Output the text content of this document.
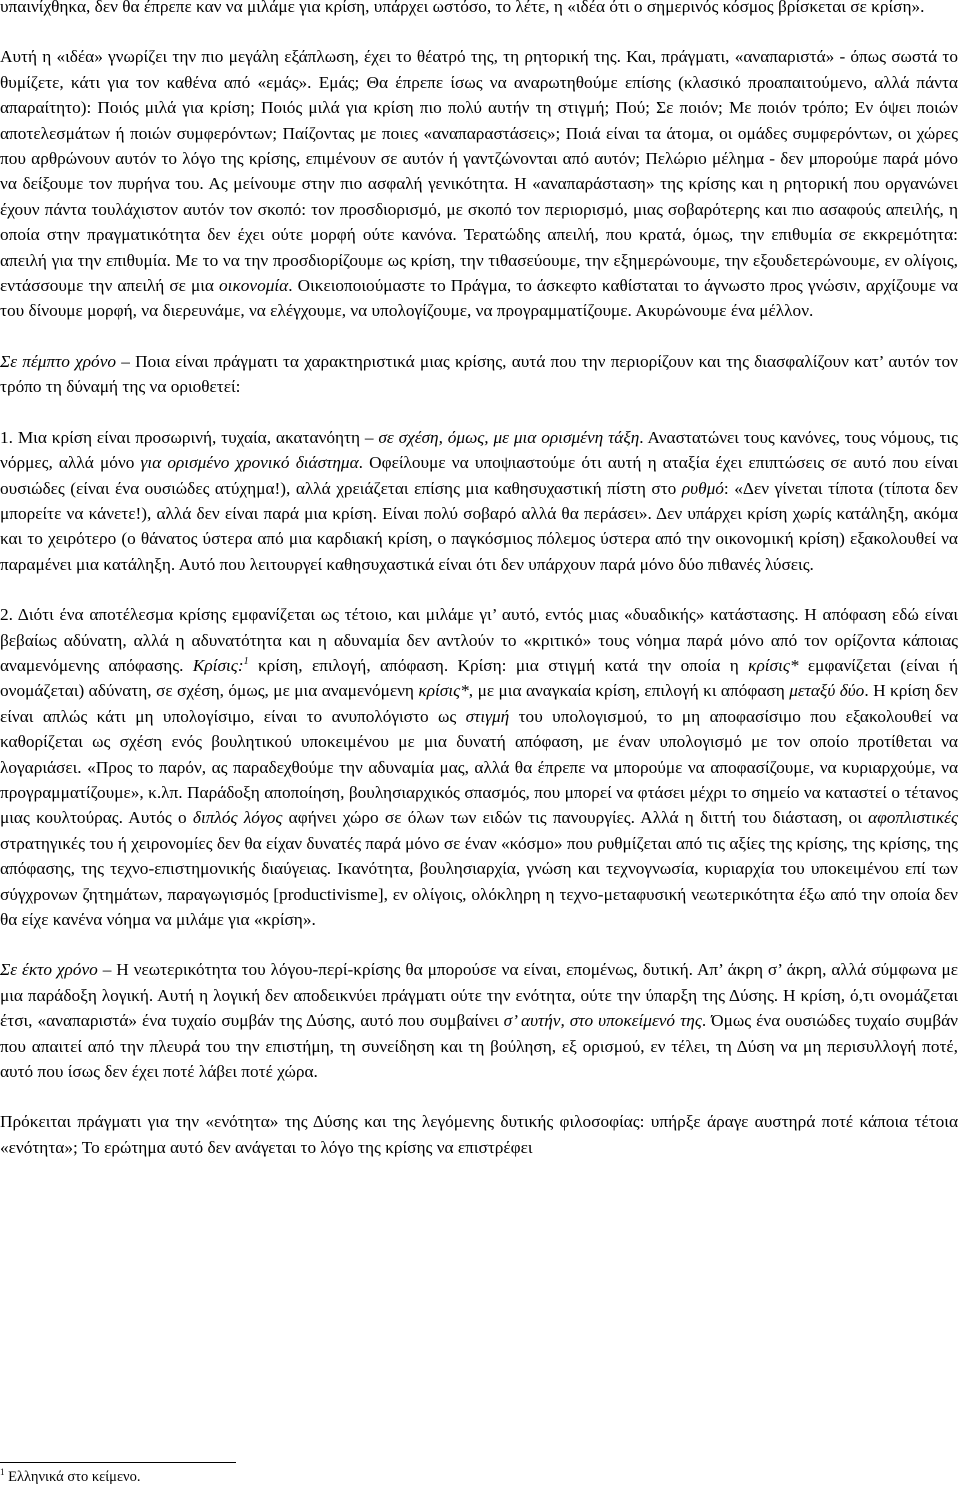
υπαινίχθηκα, δεν θα έπρεπε καν να μιλάμε για κρίση, υπάρχει ωστόσο, το λέτε, η «ιδέα ότι ο σημερινός κόσμος βρίσκεται σε κρίση».

Αυτή η «ιδέα» γνωρίζει την πιο μεγάλη εξάπλωση, έχει το θέατρό της, τη ρητορική της. Και, πράγματι, «αναπαριστά» - όπως σωστά το θυμίζετε, κάτι για τον καθένα από «εμάς». Εμάς; Θα έπρεπε ίσως να αναρωτηθούμε επίσης (κλασικό προαπαιτούμενο, αλλά πάντα απαραίτητο): Ποιός μιλά για κρίση; Ποιός μιλά για κρίση πιο πολύ αυτήν τη στιγμή; Πού; Σε ποιόν; Με ποιόν τρόπο; Εν όψει ποιών αποτελεσμάτων ή ποιών συμφερόντων; Παίζοντας με ποιες «αναπαραστάσεις»; Ποιά είναι τα άτομα, οι ομάδες συμφερόντων, οι χώρες που αρθρώνουν αυτόν το λόγο της κρίσης, επιμένουν σε αυτόν ή γαντζώνονται από αυτόν; Πελώριο μέλημα - δεν μπορούμε παρά μόνο να δείξουμε τον πυρήνα του. Ας μείνουμε στην πιο ασφαλή γενικότητα. Η «αναπαράσταση» της κρίσης και η ρητορική που οργανώνει έχουν πάντα τουλάχιστον αυτόν τον σκοπό: τον προσδιορισμό, με σκοπό τον περιορισμό, μιας σοβαρότερης και πιο ασαφούς απειλής, η οποία στην πραγματικότητα δεν έχει ούτε μορφή ούτε κανόνα. Τερατώδης απειλή, που κρατά, όμως, την επιθυμία σε εκκρεμότητα: απειλή για την επιθυμία. Με το να την προσδιορίζουμε ως κρίση, την τιθασεύουμε, την εξημερώνουμε, την εξουδετερώνουμε, εν ολίγοις, εντάσσουμε την απειλή σε μια οικονομία. Οικειοποιούμαστε το Πράγμα, το άσκεφτο καθίσταται το άγνωστο προς γνώσιν, αρχίζουμε να του δίνουμε μορφή, να διερευνάμε, να ελέγχουμε, να υπολογίζουμε, να προγραμματίζουμε. Ακυρώνουμε ένα μέλλον.

Σε πέμπτο χρόνο – Ποια είναι πράγματι τα χαρακτηριστικά μιας κρίσης, αυτά που την περιορίζουν και της διασφαλίζουν κατ’ αυτόν τον τρόπο τη δύναμή της να οριοθετεί:

1. Μια κρίση είναι προσωρινή, τυχαία, ακατανόητη – σε σχέση, όμως, με μια ορισμένη τάξη. Αναστατώνει τους κανόνες, τους νόμους, τις νόρμες, αλλά μόνο για ορισμένο χρονικό διάστημα. Οφείλουμε να υποψιαστούμε ότι αυτή η αταξία έχει επιπτώσεις σε αυτό που είναι ουσιώδες (είναι ένα ουσιώδες ατύχημα!), αλλά χρειάζεται επίσης μια καθησυχαστική πίστη στο ρυθμό: «Δεν γίνεται τίποτα (τίποτα δεν μπορείτε να κάνετε!), αλλά δεν είναι παρά μια κρίση. Είναι πολύ σοβαρό αλλά θα περάσει». Δεν υπάρχει κρίση χωρίς κατάληξη, ακόμα και το χειρότερο (ο θάνατος ύστερα από μια καρδιακή κρίση, ο παγκόσμιος πόλεμος ύστερα από την οικονομική κρίση) εξακολουθεί να παραμένει μια κατάληξη. Αυτό που λειτουργεί καθησυχαστικά είναι ότι δεν υπάρχουν παρά μόνο δύο πιθανές λύσεις.

2. Διότι ένα αποτέλεσμα κρίσης εμφανίζεται ως τέτοιο, και μιλάμε γι’ αυτό, εντός μιας «δυαδικής» κατάστασης. Η απόφαση εδώ είναι βεβαίως αδύνατη, αλλά η αδυνατότητα και η αδυναμία δεν αντλούν το «κριτικό» τους νόημα παρά μόνο από τον ορίζοντα κάποιας αναμενόμενης απόφασης. Κρίσις:$^1$ κρίση, επιλογή, απόφαση. Κρίση: μια στιγμή κατά την οποία η κρίσις* εμφανίζεται (είναι ή ονομάζεται) αδύνατη, σε σχέση, όμως, με μια αναμενόμενη κρίσις*, με μια αναγκαία κρίση, επιλογή κι απόφαση μεταξύ δύο. Η κρίση δεν είναι απλώς κάτι μη υπολογίσιμο, είναι το ανυπολόγιστο ως στιγμή του υπολογισμού, το μη αποφασίσιμο που εξακολουθεί να καθορίζεται ως σχέση ενός βουλητικού υποκειμένου με μια δυνατή απόφαση, με έναν υπολογισμό με τον οποίο προτίθεται να λογαριάσει. «Προς το παρόν, ας παραδεχθούμε την αδυναμία μας, αλλά θα έπρεπε να μπορούμε να αποφασίζουμε, να κυριαρχούμε, να προγραμματίζουμε», κ.λπ. Παράδοξη αποποίηση, βουλησιαρχικός σπασμός, που μπορεί να φτάσει μέχρι το σημείο να καταστεί ο τέτανος μιας κουλτούρας. Αυτός ο διπλός λόγος αφήνει χώρο σε όλων των ειδών τις πανουργίες. Αλλά η διττή του διάσταση, οι αφοπλιστικές στρατηγικές του ή χειρονομίες δεν θα είχαν δυνατές παρά μόνο σε έναν «κόσμο» που ρυθμίζεται από τις αξίες της κρίσης, της κρίσης, της απόφασης, της τεχνο-επιστημονικής διαύγειας. Ικανότητα, βουλησιαρχία, γνώση και τεχνογνωσία, κυριαρχία του υποκειμένου επί των σύγχρονων ζητημάτων, παραγωγισμός [productivisme], εν ολίγοις, ολόκληρη η τεχνο-μεταφυσική νεωτερικότητα έξω από την οποία δεν θα είχε κανένα νόημα να μιλάμε για «κρίση».

Σε έκτο χρόνο – Η νεωτερικότητα του λόγου-περί-κρίσης θα μπορούσε να είναι, επομένως, δυτική. Απ’ άκρη σ’ άκρη, αλλά σύμφωνα με μια παράδοξη λογική. Αυτή η λογική δεν αποδεικνύει πράγματι ούτε την ενότητα, ούτε την ύπαρξη της Δύσης. Η κρίση, ό,τι ονομάζεται έτσι, «αναπαριστά» ένα τυχαίο συμβάν της Δύσης, αυτό που συμβαίνει σ’ αυτήν, στο υποκείμενό της. Όμως ένα ουσιώδες τυχαίο συμβάν που απαιτεί από την πλευρά του την επιστήμη, τη συνείδηση και τη βούληση, εξ ορισμού, εν τέλει, τη Δύση να μη περισυλλογή ποτέ, αυτό που ίσως δεν έχει ποτέ λάβει ποτέ χώρα.

Πρόκειται πράγματι για την «ενότητα» της Δύσης και της λεγόμενης δυτικής φιλοσοφίας: υπήρξε άραγε αυστηρά ποτέ κάποια τέτοια «ενότητα»; Το ερώτημα αυτό δεν ανάγεται το λόγο της κρίσης να επιστρέφει

$^1$ Ελληνικά στο κείμενο.
